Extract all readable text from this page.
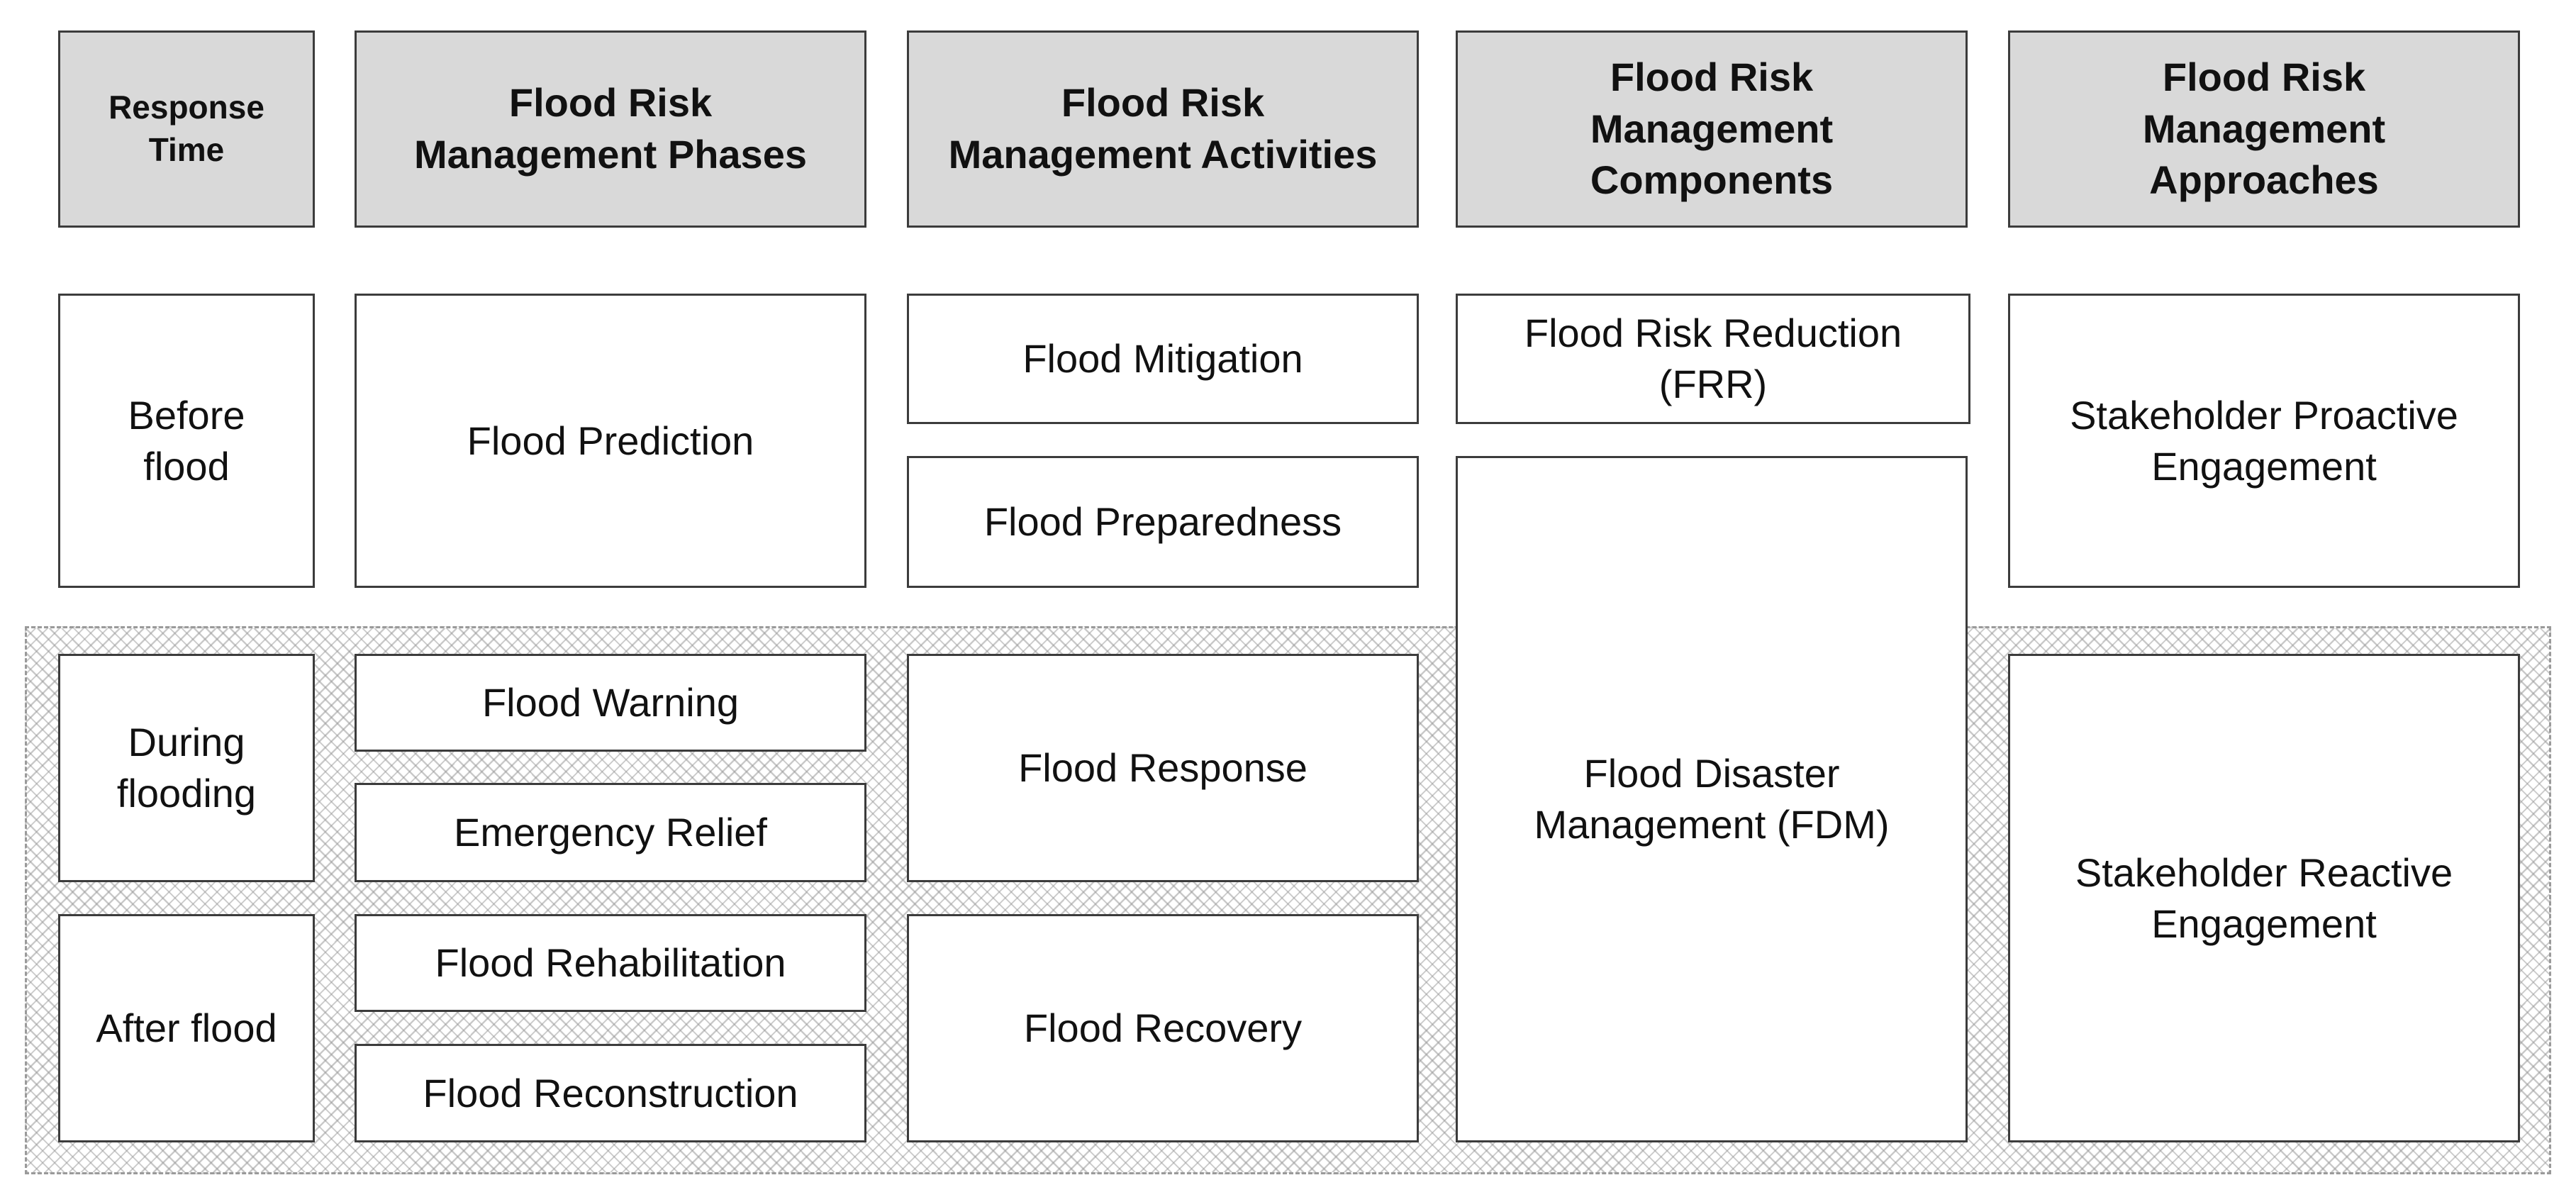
Response
Time
Flood Risk
Management Phases
Flood Risk
Management Activities
Flood Risk
Management
Components
Flood Risk
Management
Approaches
Before
flood
During
flooding
After flood
Flood Prediction
Flood Warning
Emergency Relief
Flood Rehabilitation
Flood Reconstruction
Flood Mitigation
Flood Preparedness
Flood Response
Flood Recovery
Flood Risk Reduction
(FRR)
Flood Disaster
Management (FDM)
Stakeholder Proactive
Engagement
Stakeholder Reactive
Engagement
